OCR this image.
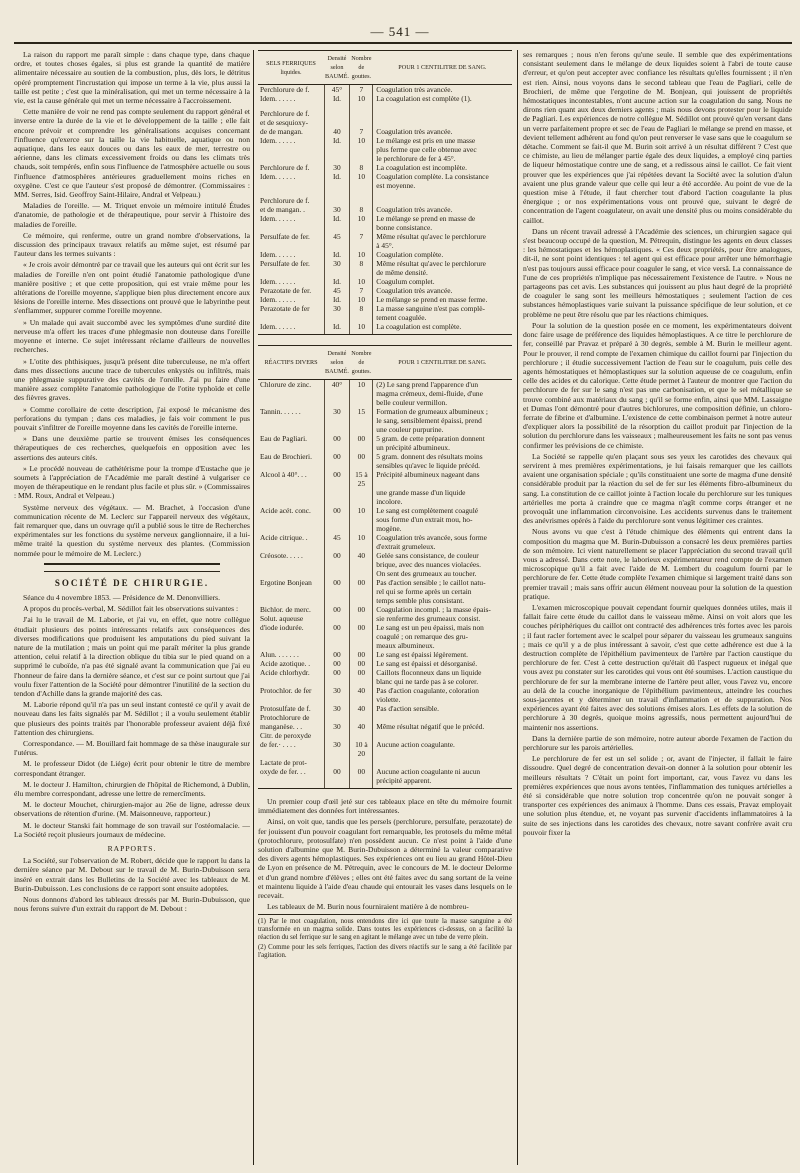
— 541 —

La raison du rapport me paraît simple : dans chaque type, dans chaque ordre, et toutes choses égales, si plus est grande la quantité de matière alimentaire nécessaire au soutien de la combustion, plus, dès lors, le détritus opéré promptement l'incrustation qui impose un terme à la vie, plus aussi la taille est petite ; c'est que la minéralisation, qui met un terme nécessaire à la vie, est la cause générale qui met un terme nécessaire à l'accroissement.

Cette manière de voir ne rend pas compte seulement du rapport général et inverse entre la durée de la vie et le développement de la taille ; elle fait encore prévoir et comprendre les généralisations acquises concernant l'influence qu'exerce sur la taille la vie habituelle, aquatique ou non aquatique, dans les eaux douces ou dans les eaux de mer, terrestre ou aérienne, dans les climats excessivement froids ou dans les climats très chauds, soit tempérés, enfin sous l'influence de l'atmosphère actuelle ou sous l'influence d'atmosphères antérieures graduellement moins riches en oxygène. C'est ce que l'auteur s'est proposé de démontrer. (Commissaires : MM. Serres, Isid. Geoffroy Saint-Hilaire, Andral et Velpeau.)

Maladies de l'oreille. — M. Triquet envoie un mémoire intitulé Études d'anatomie, de pathologie et de thérapeutique, pour servir à l'histoire des maladies de l'oreille.

Ce mémoire, qui renferme, outre un grand nombre d'observations, la discussion des principaux travaux relatifs au même sujet, est résumé par l'auteur dans les termes suivants :

« Je crois avoir démontré par ce travail que les auteurs qui ont écrit sur les maladies de l'oreille n'en ont point étudié l'anatomie pathologique d'une manière positive ; et que cette proposition, qui est vraie même pour les altérations de l'oreille moyenne, s'applique bien plus directement encore aux lésions de l'oreille interne. Mes dissections ont prouvé que le labyrinthe peut s'enflammer, suppurer comme l'oreille moyenne.

» Un malade qui avait succombé avec les symptômes d'une surdité dite nerveuse m'a offert les traces d'une phlegmasie non douteuse dans l'oreille moyenne et interne. Ce sujet intéressant réclame d'ailleurs de nouvelles recherches.

» L'otite des phthisiques, jusqu'à présent dite tuberculeuse, ne m'a offert dans mes dissections aucune trace de tubercules enkystés ou infiltrés, mais une phlegmasie suppurative des cavités de l'oreille. J'ai pu faire d'une manière assez complète l'anatomie pathologique de l'otite typhoïde et celle des fièvres graves.

» Comme corollaire de cette description, j'ai exposé le mécanisme des perforations du tympan ; dans ces maladies, je fais voir comment le pus pouvait s'infiltrer de l'oreille moyenne dans les cavités de l'oreille interne.

» Dans une deuxième partie se trouvent émises les conséquences thérapeutiques de ces recherches, quelquefois en opposition avec les assertions des auteurs cités.

» Le procédé nouveau de cathétérisme pour la trompe d'Eustache que je soumets à l'appréciation de l'Académie me paraît destiné à vulgariser ce moyen de thérapeutique en le rendant plus facile et plus sûr. » (Commissaires : MM. Roux, Andral et Velpeau.)

Système nerveux des végétaux. — M. Brachet, à l'occasion d'une communication récente de M. Leclerc sur l'appareil nerveux des végétaux, fait remarquer que, dans un ouvrage qu'il a publié sous le titre de Recherches expérimentales sur les fonctions du système nerveux ganglionnaire, il a lui-même traité la question du système nerveux des plantes. (Commission nommée pour le mémoire de M. Leclerc.)

SOCIÉTÉ DE CHIRURGIE.

Séance du 4 novembre 1853. — Présidence de M. Denonvilliers.

A propos du procès-verbal, M. Sédillot fait les observations suivantes :

J'ai lu le travail de M. Laborie, et j'ai vu, en effet, que notre collègue étudiait plusieurs des points intéressants relatifs aux conséquences des diverses modifications que produisent les amputations du pied suivant la nature de la mutilation ; mais un point qui me paraît mériter la plus grande attention, celui relatif à la direction oblique du tibia sur le pied quand on a supprimé le cuboïde, n'a pas été signalé avant la communication que j'ai eu l'honneur de faire dans la dernière séance, et c'est sur ce point surtout que j'ai voulu fixer l'attention de la Société pour démontrer l'inutilité de la section du tendon d'Achille dans la grande majorité des cas.

M. Laborie répond qu'il n'a pas un seul instant contesté ce qu'il y avait de nouveau dans les faits signalés par M. Sédillot ; il a voulu seulement établir que plusieurs des points traités par l'honorable professeur avaient déjà fixé l'attention des chirurgiens.

Correspondance. — M. Bouillard fait hommage de sa thèse inaugurale sur l'utérus.

M. le professeur Didot (de Liége) écrit pour obtenir le titre de membre correspondant étranger.

M. le docteur J. Hamilton, chirurgien de l'hôpital de Richemond, à Dublin, élu membre correspondant, adresse une lettre de remercîments.

M. le docteur Mouchet, chirurgien-major au 26e de ligne, adresse deux observations de rétention d'urine. (M. Maisonneuve, rapporteur.)

M. le docteur Stanski fait hommage de son travail sur l'ostéomalacie. — La Société reçoit plusieurs journaux de médecine.

RAPPORTS.

La Société, sur l'observation de M. Robert, décide que le rapport lu dans la dernière séance par M. Debout sur le travail de M. Burin-Dubuisson sera inséré en extrait dans les Bulletins de la Société avec les tableaux de M. Burin-Dubuisson. Les conclusions de ce rapport sont ensuite adoptées.

Nous donnons d'abord les tableaux dressés par M. Burin-Dubuisson, que nous ferons suivre d'un extrait du rapport de M. Debout :

SELS FERRIQUES liquides.	Densité selon BAUMÉ.	Nombre de gouttes.	POUR 1 CENTILITRE DE SANG.
Perchlorure de f.	45°	7	Coagulation très avancée.
Idem. . . . . .	Id.	10	La coagulation est complète (1).

Perchlorure de f.			
et de sesquioxy-			
de de mangan.	40	7	Coagulation très avancée.
Idem. . . . . .	Id.	10	Le mélange est pris en une masse
			plus ferme que celle obtenue avec
			le perchlorure de fer à 45°.
Perchlorure de f.	30	8	La coagulation est incomplète.
Idem. . . . . .	Id.	10	Coagulation complète. La consistance
			est moyenne.

Perchlorure de f.			
et de mangan. .	30	8	Coagulation très avancée.
Idem. . . . . .	Id.	10	Le mélange se prend en masse de
			bonne consistance.
Persulfate de fer.	45	7	Même résultat qu'avec le perchlorure
			à 45°.
Idem. . . . . .	Id.	10	Coagulation complète.
Persulfate de fer.	30	8	Même résultat qu'avec le perchlorure
			de même densité.
Idem. . . . . .	Id.	10	Coagulum complet.
Perazotate de fer.	45	7	Coagulation très avancée.
Idem. . . . . .	Id.	10	Le mélange se prend en masse ferme.
Perazotate de fer	30	8	La masse sanguine n'est pas complè-
			tement coagulée.
Idem. . . . . .	Id.	10	La coagulation est complète.
RÉACTIFS DIVERS	Densité selon BAUMÉ.	Nombre de gouttes.	POUR 1 CENTILITRE DE SANG.
Chlorure de zinc.	40°	10	(2) Le sang prend l'apparence d'un
			magma crémeux, demi-fluide, d'une
			belle couleur vermillon.
Tannin. . . . . .	30	15	Formation de grumeaux albumineux ;
			le sang, sensiblement épaissi, prend
			une couleur purpurine.
Eau de Pagliari.	00	00	5 gram. de cette préparation donnent
			un précipité albumineux.
Eau de Brochieri.	00	00	5 gram. donnent des résultats moins
			sensibles qu'avec le liquide précéd.
Alcool à 40°. . .	00	15 à 25	Précipité albumineux nageant dans
			une grande masse d'un liquide
			incolore.
Acide acét. conc.	00	10	Le sang est complètement coagulé
			sous forme d'un extrait mou, ho-
			mogène.
Acide citrique. .	45	10	Coagulation très avancée, sous forme
			d'extrait grumeleux.
Créosote. . . . .	00	40	Gelée sans consistance, de couleur
			brique, avec des nuances violacées.
			On sent des grumeaux au toucher.
Ergotine Bonjean	00	00	Pas d'action sensible ; le caillot natu-
			rel qui se forme après un certain
			temps semble plus consistant.
Bichlor. de merc.	00	00	Coagulation incompl. ; la masse épais-
Solut. aqueuse			sie renferme des grumeaux consist.
d'iode iodurée.	00	00	Le sang est un peu épaissi, mais non
			coagulé ; on remarque des gru-
			meaux albumineux.
Alun. . . . . . .	00	00	Le sang est épaissi légèrement.
Acide azotique. .	00	00	Le sang est épaissi et désorganisé.
Acide chlorhydr.	00	00	Caillots floconneux dans un liquide
			blanc qui ne tarde pas à se colorer.
Protochlor. de fer	30	40	Pas d'action coagulante, coloration
			violette.
Protosulfate de f.	30	40	Pas d'action sensible.
Protochlorure de			
manganèse. . .	30	40	Même résultat négatif que le précéd.
Citr. de peroxyde			
de fer.· . . . .	30	10 à 20	Aucune action coagulante.
Lactate de prot-			
oxyde de fer. . .	00	00	Aucune action coagulante ni aucun
			précipité apparent.

Un premier coup d'œil jeté sur ces tableaux place en tête du mémoire fournit immédiatement des données fort intéressantes.

Ainsi, on voit que, tandis que les persels (perchlorure, persulfate, perazotate) de fer jouissent d'un pouvoir coagulant fort remarquable, les protosels du même métal (protochlorure, protosulfate) n'en possèdent aucun. Ce n'est point à l'aide d'une solution d'albumine que M. Burin-Dubuisson a déterminé la valeur comparative des divers agents hémoplastiques. Ses expériences ont eu lieu au grand Hôtel-Dieu de Lyon en présence de M. Pétrequin, avec le concours de M. le docteur Delorme et d'un grand nombre d'élèves ; elles ont été faites avec du sang sortant de la veine et maintenu liquide à l'aide d'eau chaude qui entourait les vases dans lesquels on le recevait.

Les tableaux de M. Burin nous fourniraient matière à de nombreu-

(1) Par le mot coagulation, nous entendons dire ici que toute la masse sanguine a été transformée en un magma solide. Dans toutes les expériences ci-dessus, on a facilité la réaction du sel ferrique sur le sang en agitant le mélange avec un tube de verre plein.

(2) Comme pour les sels ferriques, l'action des divers réactifs sur le sang a été facilitée par l'agitation.

ses remarques ; nous n'en ferons qu'une seule. Il semble que des expérimentations consistant seulement dans le mélange de deux liquides soient à l'abri de toute cause d'erreur, et qu'on peut accepter avec confiance les résultats qu'elles fournissent ; il n'en est rien. Ainsi, nous voyons dans le second tableau que l'eau de Pagliari, celle de Brochieri, de même que l'ergotine de M. Bonjean, qui jouissent de propriétés hémostatiques incontestables, n'ont aucune action sur la coagulation du sang. Nous ne dirons rien quant aux deux derniers agents ; mais nous devons protester pour le liquide de Pagliari. Les expériences de notre collègue M. Sédillot ont prouvé qu'en versant dans un verre parfaitement propre et sec de l'eau de Pagliari le mélange se prend en masse, et devient tellement adhérent au fond qu'on peut renverser le vase sans que le coagulum se détache. Comment se fait-il que M. Burin soit arrivé à un résultat différent ? C'est que ce chimiste, au lieu de mélanger partie égale des deux liquides, a employé cinq parties de liqueur hémostatique contre une de sang, et a redissous ainsi le caillot. Ce fait vient prouver que les expériences que j'ai répétées devant la Société avec la solution d'alun avaient une plus grande valeur que celle qui leur a été accordée. Au point de vue de la question mise à l'étude, il faut chercher tout d'abord l'action coagulante la plus énergique ; or nos expérimentations vous ont prouvé que, suivant le degré de concentration de l'agent coagulateur, on avait une densité plus ou moins considérable du caillot.

Dans un récent travail adressé à l'Académie des sciences, un chirurgien sagace qui s'est beaucoup occupé de la question, M. Pétrequin, distingue les agents en deux classes : les hémostatiques et les hémoplastiques. « Ces deux propriétés, pour être analogues, dit-il, ne sont point identiques : tel agent qui est efficace pour arrêter une hémorrhagie n'est pas toujours aussi efficace pour coaguler le sang, et vice versâ. La connaissance de l'une de ces propriétés n'implique pas nécessairement l'existence de l'autre. » Nous ne partageons pas cet avis. Les substances qui jouissent au plus haut degré de la propriété de coaguler le sang sont les meilleurs hémostatiques ; seulement l'action de ces substances hémoplastiques varie suivant la puissance spécifique de leur solution, et ce problème ne peut être résolu que par les réactions chimiques.

Pour la solution de la question posée en ce moment, les expérimentateurs doivent donc faire usage de préférence des liquides hémoplastiques. A ce titre le perchlorure de fer, conseillé par Pravaz et préparé à 30 degrés, semble à M. Burin le meilleur agent. Pour le prouver, il rend compte de l'examen chimique du caillot fourni par l'injection du perchlorure ; il étudie successivement l'action de l'eau sur le coagulum, puis celle des agents hémostatiques et hémoplastiques sur la solution aqueuse de ce coagulum, enfin celle des acides et du calorique. Cette étude permet à l'auteur de montrer que l'action du perchlorure de fer sur le sang n'est pas une carbonisation, et que le sel métallique se trouve combiné aux matériaux du sang ; qu'il se forme enfin, ainsi que MM. Lassaigne et Dumas l'ont démontré pour d'autres bichlorures, une composition définie, un chloro-ferrate de fibrine et d'albumine. L'existence de cette combinaison permet à notre auteur d'expliquer alors la possibilité de la résorption du caillot produit par l'injection de la solution du perchlorure dans les vaisseaux ; malheureusement les faits ne sont pas venus confirmer les prévisions de ce chimiste.

La Société se rappelle qu'en plaçant sous ses yeux les carotides des chevaux qui servirent à mes premières expérimentations, je lui faisais remarquer que les caillots avaient une organisation spéciale ; qu'ils constituaient une sorte de magma d'une densité considérable produit par la réaction du sel de fer sur les éléments fibro-albumineux du sang. La constitution de ce caillot jointe à l'action locale du perchlorure sur les tuniques artérielles me porta à craindre que ce magma n'agît comme corps étranger et ne provoquât une inflammation circonvoisine. Les accidents survenus dans le traitement des anévrismes opérés à l'aide du perchlorure sont venus légitimer ces craintes.

Nous avons vu que c'est à l'étude chimique des éléments qui entrent dans la composition du magma que M. Burin-Dubuisson a consacré les deux premières parties de son mémoire. Ici vient naturellement se placer l'appréciation du second travail qu'il vous a adressé. Dans cette note, le laborieux expérimentateur rend compte de l'examen microscopique qu'il a fait avec l'aide de M. Lembert du coagulum fourni par le perchlorure de fer. Cette étude complète l'examen chimique si largement traité dans son premier travail ; mais sans offrir aucun élément nouveau pour la solution de la question pratique.

L'examen microscopique pouvait cependant fournir quelques données utiles, mais il fallait faire cette étude du caillot dans le vaisseau même. Ainsi on voit alors que les couches périphériques du caillot ont contracté des adhérences très fortes avec les parois ; il faut racler fortement avec le scalpel pour séparer du vaisseau les grumeaux sanguins ; mais ce qu'il y a de plus intéressant à savoir, c'est que cette adhérence est due à la destruction complète de l'épithélium pavimenteux de l'artère par l'action caustique du perchlorure de fer. C'est à cette destruction qu'était dû l'aspect rugueux et inégal que vous avez pu constater sur les carotides qui vous ont été soumises. L'action caustique du perchlorure de fer sur la membrane interne de l'artère peut aller, vous l'avez vu, encore au delà de la couche inorganique de l'épithélium pavimenteux, atteindre les couches sous-jacentes et y déterminer un travail d'inflammation et de suppuration. Nos expériences ayant été faites avec des solutions émises alors. Les effets de la solution de perchlorure à 30 degrés, quoique moins agressifs, nous permettent aujourd'hui de maintenir nos assertions.

Dans la dernière partie de son mémoire, notre auteur aborde l'examen de l'action du perchlorure sur les parois artérielles.

Le perchlorure de fer est un sel solide ; or, avant de l'injecter, il fallait le faire dissoudre. Quel degré de concentration devait-on donner à la solution pour obtenir les meilleurs résultats ? C'était un point fort important, car, vous l'avez vu dans les premières expériences que nous avons tentées, l'inflammation des tuniques artérielles a été si considérable que notre solution trop concentrée qu'on ne pouvait songer à transporter ces expériences des animaux à l'homme. Dans ces essais, Pravaz employait une solution plus étendue, et, ne voyant pas survenir d'accidents inflammatoires à la suite de ses injections dans les carotides des chevaux, notre savant confrère avait cru pouvoir fixer la
